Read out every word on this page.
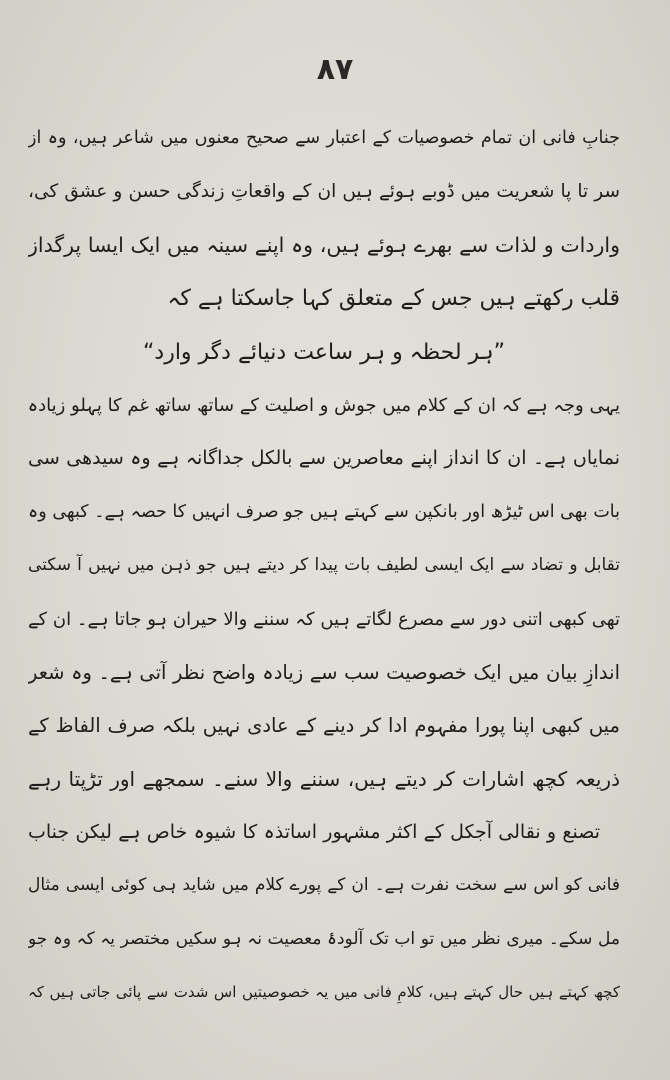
۸۷
جنابِ فانی ان تمام خصوصیات کے اعتبار سے صحیح معنوں میں شاعر ہیں، وہ از
سر تا پا شعریت میں ڈوبے ہوئے ہیں ان کے واقعاتِ زندگی حسن و عشق کی،
واردات و لذات سے بھرے ہوئے ہیں، وہ اپنے سینہ میں ایک ایسا پرگداز
قلب رکھتے ہیں جس کے متعلق کہا جاسکتا ہے کہ
”ہر لحظہ و ہر ساعت دنیائے دگر وارد“
یہی وجہ ہے کہ ان کے کلام میں جوش و اصلیت کے ساتھ ساتھ غم کا پہلو زیادہ
نمایاں ہے۔ ان کا انداز اپنے معاصرین سے بالکل جداگانہ ہے وہ سیدھی سی
بات بھی اس ٹیڑھ اور بانکپن سے کہتے ہیں جو صرف انہیں کا حصہ ہے۔ کبھی وہ
تقابل و تضاد سے ایک ایسی لطیف بات پیدا کر دیتے ہیں جو ذہن میں نہیں آ سکتی
تھی کبھی اتنی دور سے مصرع لگاتے ہیں کہ سننے والا حیران ہو جاتا ہے۔ ان کے
اندازِ بیان میں ایک خصوصیت سب سے زیادہ واضح نظر آتی ہے۔ وہ شعر
میں کبھی اپنا پورا مفہوم ادا کر دینے کے عادی نہیں بلکہ صرف الفاظ کے
ذریعہ کچھ اشارات کر دیتے ہیں، سننے والا سنے۔ سمجھے اور تڑپتا رہے
تصنع و نقالی آجکل کے اکثر مشہور اساتذہ کا شیوہ خاص ہے لیکن جناب
فانی کو اس سے سخت نفرت ہے۔ ان کے پورے کلام میں شاید ہی کوئی ایسی مثال
مل سکے۔ میری نظر میں تو اب تک آلودۂ معصیت نہ ہو سکیں مختصر یہ کہ وہ جو
کچھ کہتے ہیں حال کہتے ہیں، کلامِ فانی میں یہ خصوصیتیں اس شدت سے پائی جاتی ہیں کہ
